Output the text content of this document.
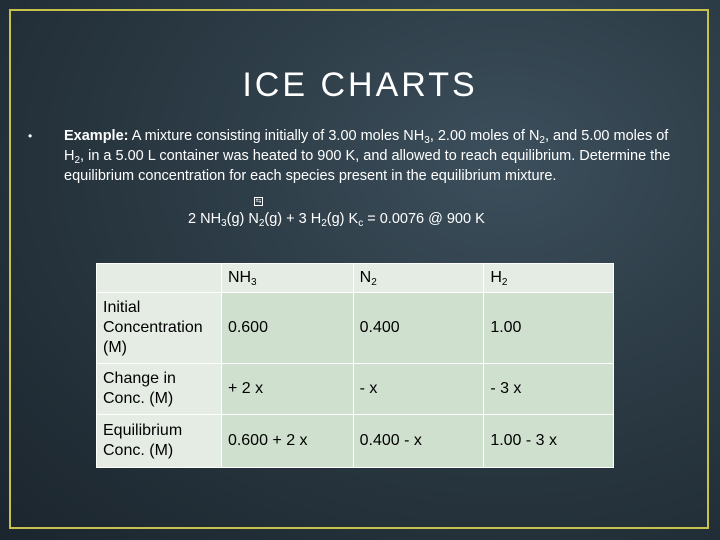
ICE CHARTS
•	Example: A mixture consisting initially of 3.00 moles $NH_3$, 2.00 moles of $N_2$, and 5.00 moles of $H_2$, in a 5.00 L container was heated to 900 K, and allowed to reach equilibrium. Determine the equilibrium concentration for each species present in the equilibrium mixture.

⇆
2 $NH_3(g) N_2(g) + 3$ $H_2(g) K_c = 0.0076$ @ 900 K
	$NH_3$	$N_2$	$H_2$
Initial
Concentration
(M)	0.600	0.400	1.00
Change in
Conc. (M)	+ 2 x	- x	- 3 x
Equilibrium
Conc. (M)	0.600 + 2 x	0.400 - x	1.00 - 3 x
